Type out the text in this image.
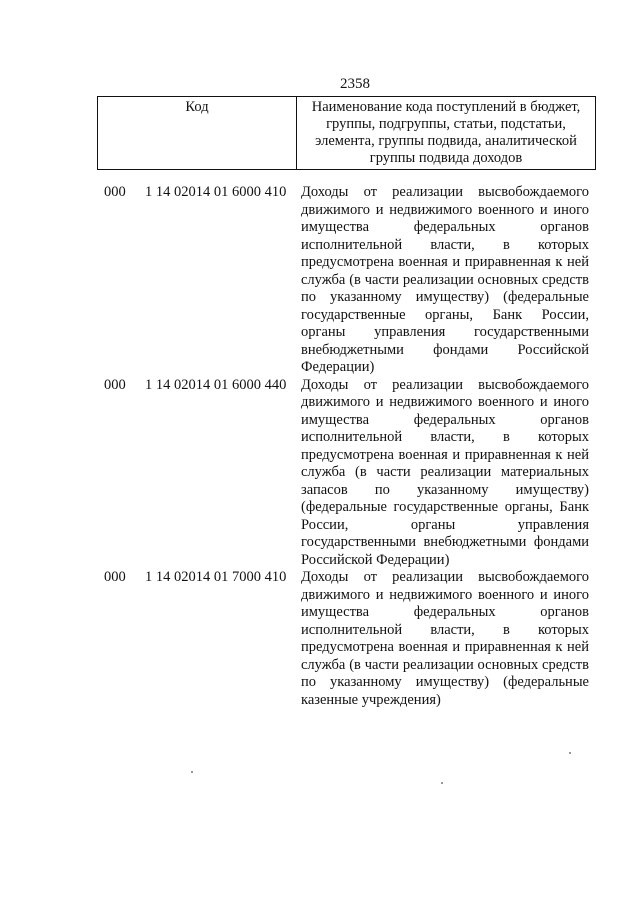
2358
Код	Наименование кода поступлений в бюджет, группы, подгруппы, статьи, подстатьи, элемента, группы подвида, аналитической группы подвида доходов
000 1 14 02014 01 6000 410 Доходы от реализации высвобождаемого движимого и недвижимого военного и иного имущества федеральных органов исполнительной власти, в которых предусмотрена военная и приравненная к ней служба (в части реализации основных средств по указанному имуществу) (федеральные государственные органы, Банк России, органы управления государственными внебюджетными фондами Российской Федерации)
000 1 14 02014 01 6000 440 Доходы от реализации высвобождаемого движимого и недвижимого военного и иного имущества федеральных органов исполнительной власти, в которых предусмотрена военная и приравненная к ней служба (в части реализации материальных запасов по указанному имуществу) (федеральные государственные органы, Банк России, органы управления государственными внебюджетными фондами Российской Федерации)
000 1 14 02014 01 7000 410 Доходы от реализации высвобождаемого движимого и недвижимого военного и иного имущества федеральных органов исполнительной власти, в которых предусмотрена военная и приравненная к ней служба (в части реализации основных средств по указанному имуществу) (федеральные казенные учреждения)
